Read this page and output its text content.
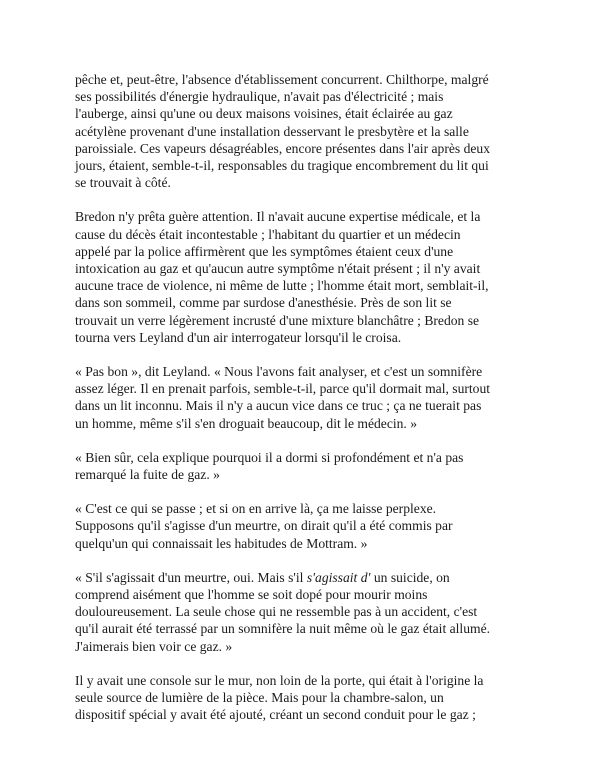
pêche et, peut-être, l'absence d'établissement concurrent. Chilthorpe, malgré
ses possibilités d'énergie hydraulique, n'avait pas d'électricité ; mais
l'auberge, ainsi qu'une ou deux maisons voisines, était éclairée au gaz
acétylène provenant d'une installation desservant le presbytère et la salle
paroissiale. Ces vapeurs désagréables, encore présentes dans l'air après deux
jours, étaient, semble-t-il, responsables du tragique encombrement du lit qui
se trouvait à côté.
Bredon n'y prêta guère attention. Il n'avait aucune expertise médicale, et la
cause du décès était incontestable ; l'habitant du quartier et un médecin
appelé par la police affirmèrent que les symptômes étaient ceux d'une
intoxication au gaz et qu'aucun autre symptôme n'était présent ; il n'y avait
aucune trace de violence, ni même de lutte ; l'homme était mort, semblait-il,
dans son sommeil, comme par surdose d'anesthésie. Près de son lit se
trouvait un verre légèrement incrusté d'une mixture blanchâtre ; Bredon se
tourna vers Leyland d'un air interrogateur lorsqu'il le croisa.
« Pas bon », dit Leyland. « Nous l'avons fait analyser, et c'est un somnifère
assez léger. Il en prenait parfois, semble-t-il, parce qu'il dormait mal, surtout
dans un lit inconnu. Mais il n'y a aucun vice dans ce truc ; ça ne tuerait pas
un homme, même s'il s'en droguait beaucoup, dit le médecin. »
« Bien sûr, cela explique pourquoi il a dormi si profondément et n'a pas
remarqué la fuite de gaz. »
« C'est ce qui se passe ; et si on en arrive là, ça me laisse perplexe.
Supposons qu'il s'agisse d'un meurtre, on dirait qu'il a été commis par
quelqu'un qui connaissait les habitudes de Mottram. »
« S'il s'agissait d'un meurtre, oui. Mais s'il s'agissait d' un suicide, on
comprend aisément que l'homme se soit dopé pour mourir moins
douloureusement. La seule chose qui ne ressemble pas à un accident, c'est
qu'il aurait été terrassé par un somnifère la nuit même où le gaz était allumé.
J'aimerais bien voir ce gaz. »
Il y avait une console sur le mur, non loin de la porte, qui était à l'origine la
seule source de lumière de la pièce. Mais pour la chambre-salon, un
dispositif spécial y avait été ajouté, créant un second conduit pour le gaz ;
